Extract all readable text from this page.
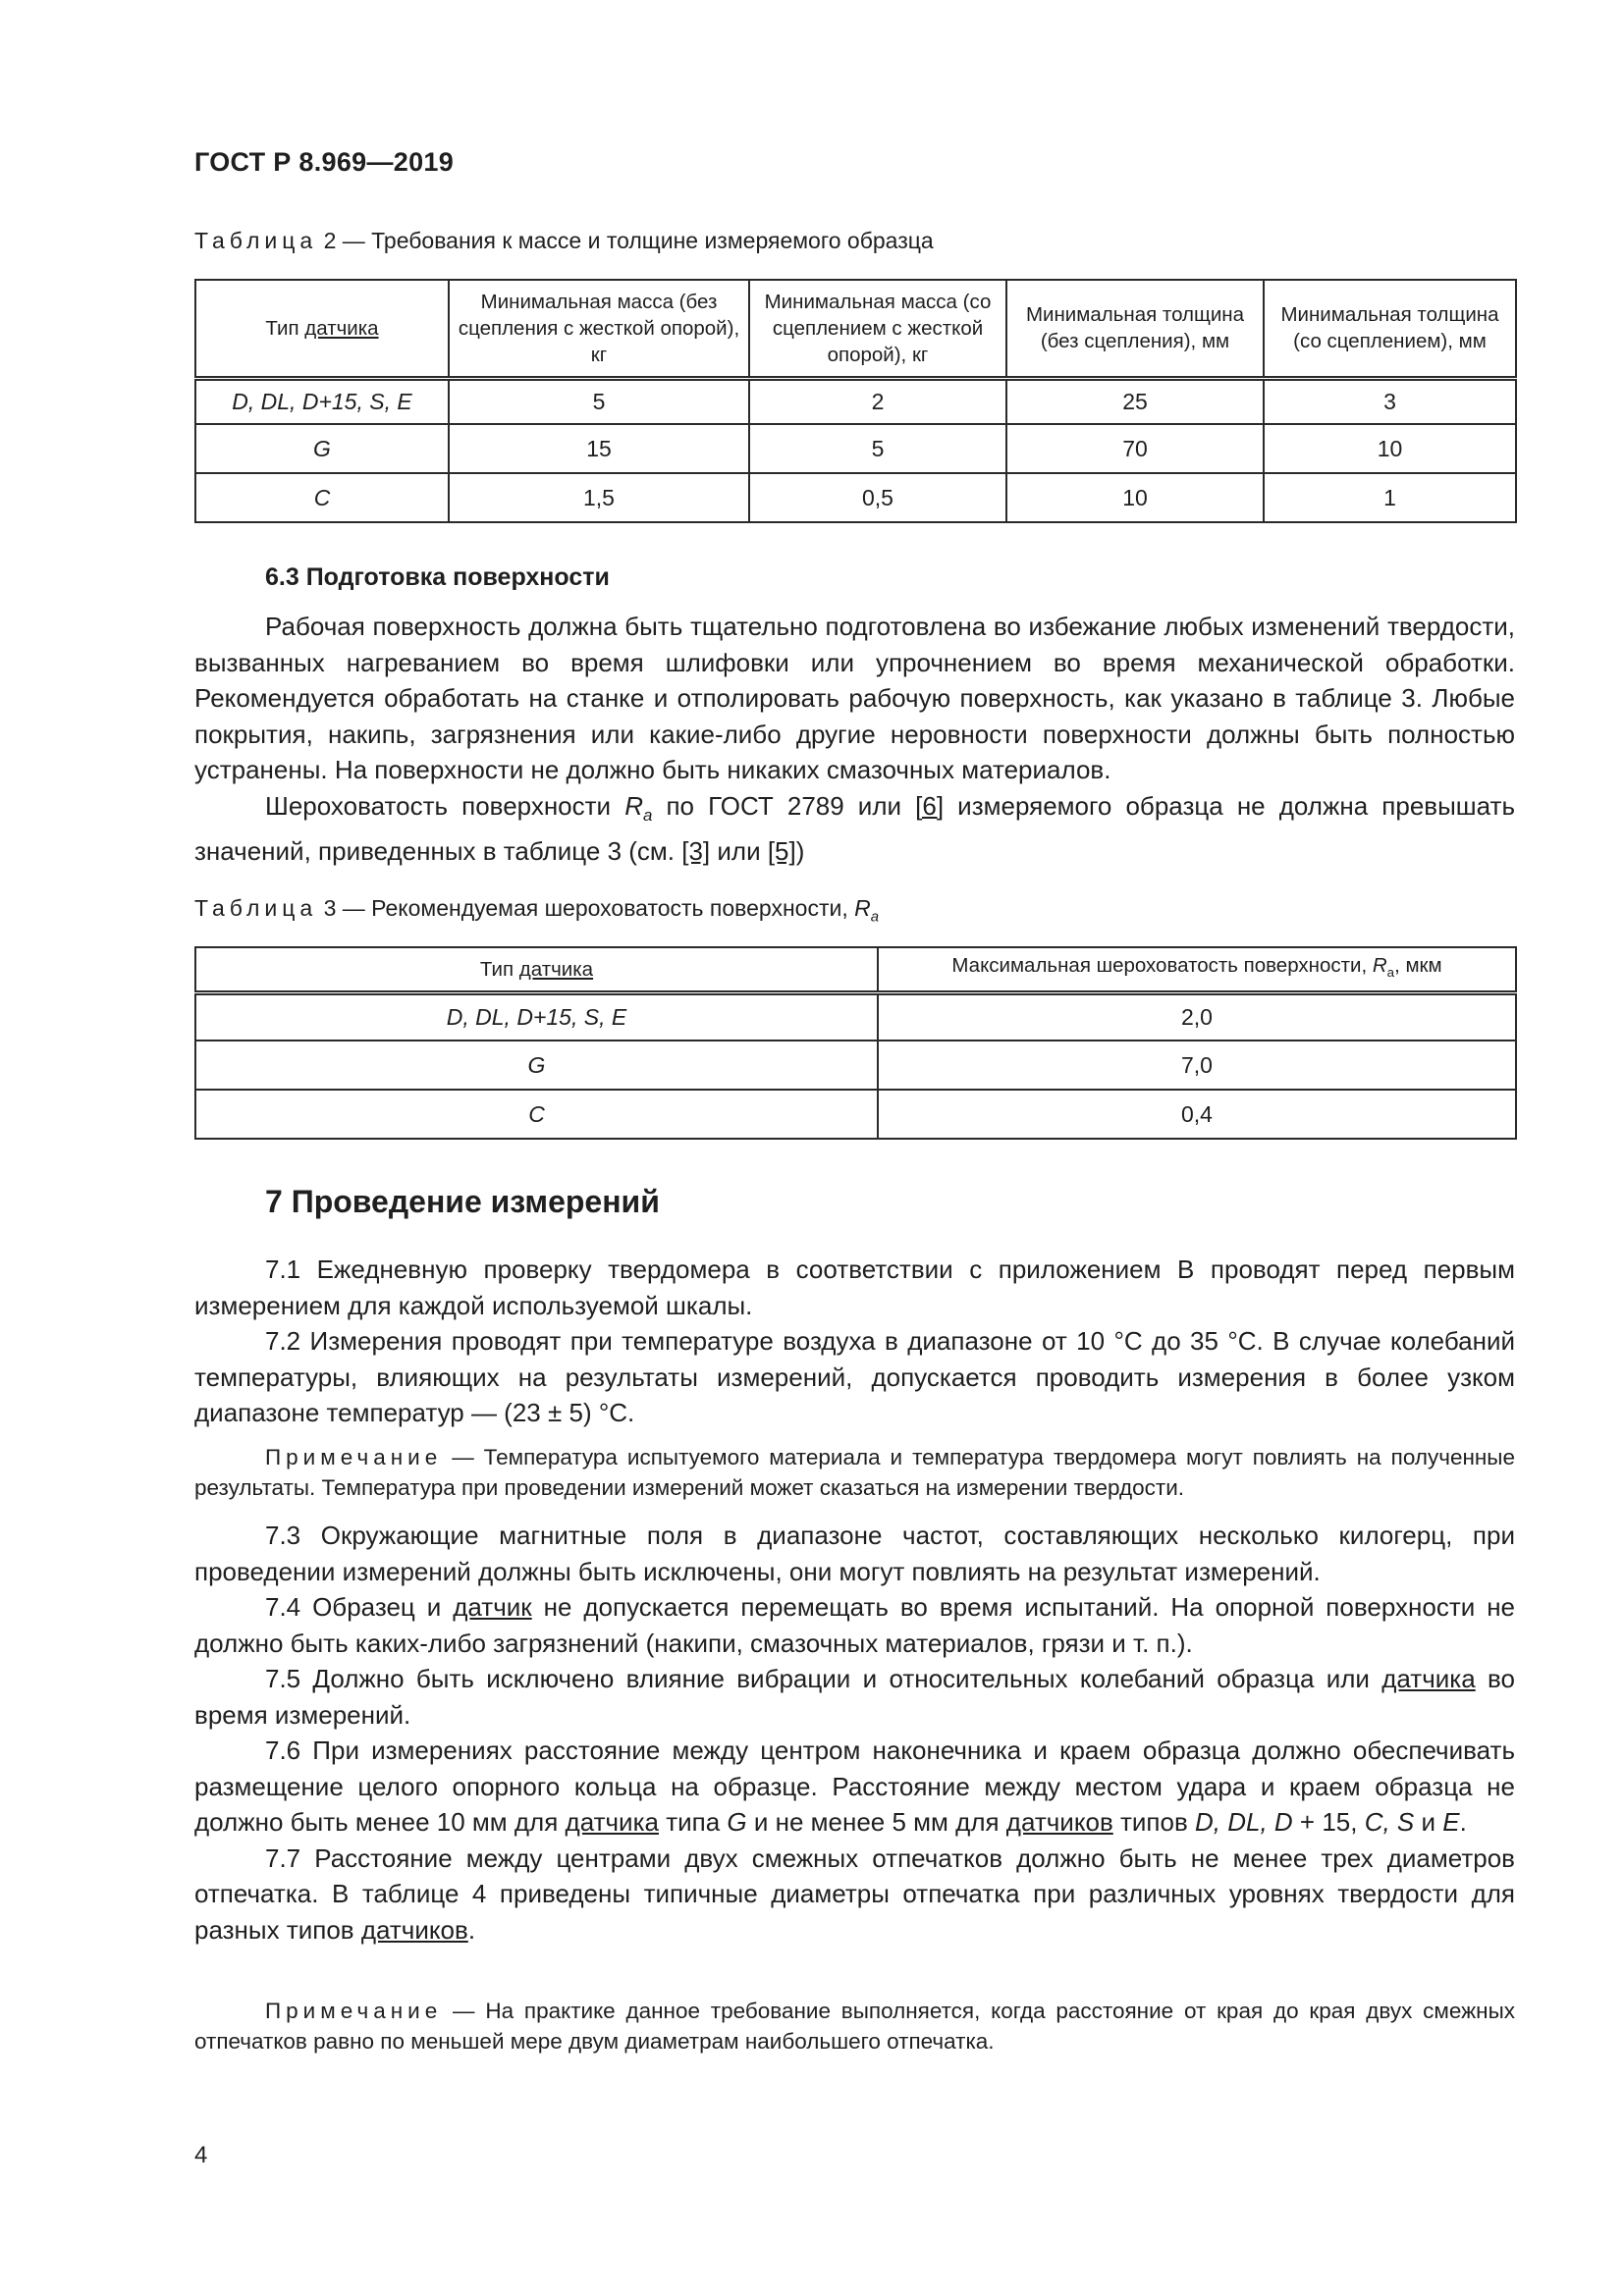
ГОСТ Р 8.969—2019
Таблица 2 — Требования к массе и толщине измеряемого образца
Тип датчика	Минимальная масса (без сцепления с жесткой опорой), кг	Минимальная масса (со сцеплением с жесткой опорой), кг	Минимальная толщина (без сцепления), мм	Минимальная толщина (со сцеплением), мм
D, DL, D+15, S, E	5	2	25	3
G	15	5	70	10
C	1,5	0,5	10	1
6.3 Подготовка поверхности

Рабочая поверхность должна быть тщательно подготовлена во избежание любых изменений твердости, вызванных нагреванием во время шлифовки или упрочнением во время механической обработки. Рекомендуется обработать на станке и отполировать рабочую поверхность, как указано в таблице 3. Любые покрытия, накипь, загрязнения или какие-либо другие неровности поверхности должны быть полностью устранены. На поверхности не должно быть никаких смазочных материалов.

Шероховатость поверхности $R_a$ по ГОСТ 2789 или [6] измеряемого образца не должна превышать значений, приведенных в таблице 3 (см. [3] или [5])

Таблица 3 — Рекомендуемая шероховатость поверхности, $R_a$
Тип датчика	Максимальная шероховатость поверхности, $R_a$, мкм
D, DL, D+15, S, E	2,0
G	7,0
C	0,4
7 Проведение измерений

7.1 Ежедневную проверку твердомера в соответствии с приложением В проводят перед первым измерением для каждой используемой шкалы.

7.2 Измерения проводят при температуре воздуха в диапазоне от 10 °С до 35 °С. В случае колебаний температуры, влияющих на результаты измерений, допускается проводить измерения в более узком диапазоне температур — (23 ± 5) °С.

Примечание — Температура испытуемого материала и температура твердомера могут повлиять на полученные результаты. Температура при проведении измерений может сказаться на измерении твердости.

7.3 Окружающие магнитные поля в диапазоне частот, составляющих несколько килогерц, при проведении измерений должны быть исключены, они могут повлиять на результат измерений.

7.4 Образец и датчик не допускается перемещать во время испытаний. На опорной поверхности не должно быть каких-либо загрязнений (накипи, смазочных материалов, грязи и т. п.).

7.5 Должно быть исключено влияние вибрации и относительных колебаний образца или датчика во время измерений.

7.6 При измерениях расстояние между центром наконечника и краем образца должно обеспечивать размещение целого опорного кольца на образце. Расстояние между местом удара и краем образца не должно быть менее 10 мм для датчика типа G и не менее 5 мм для датчиков типов D, DL, D + 15, C, S и E.

7.7 Расстояние между центрами двух смежных отпечатков должно быть не менее трех диаметров отпечатка. В таблице 4 приведены типичные диаметры отпечатка при различных уровнях твердости для разных типов датчиков.

Примечание — На практике данное требование выполняется, когда расстояние от края до края двух смежных отпечатков равно по меньшей мере двум диаметрам наибольшего отпечатка.

4
